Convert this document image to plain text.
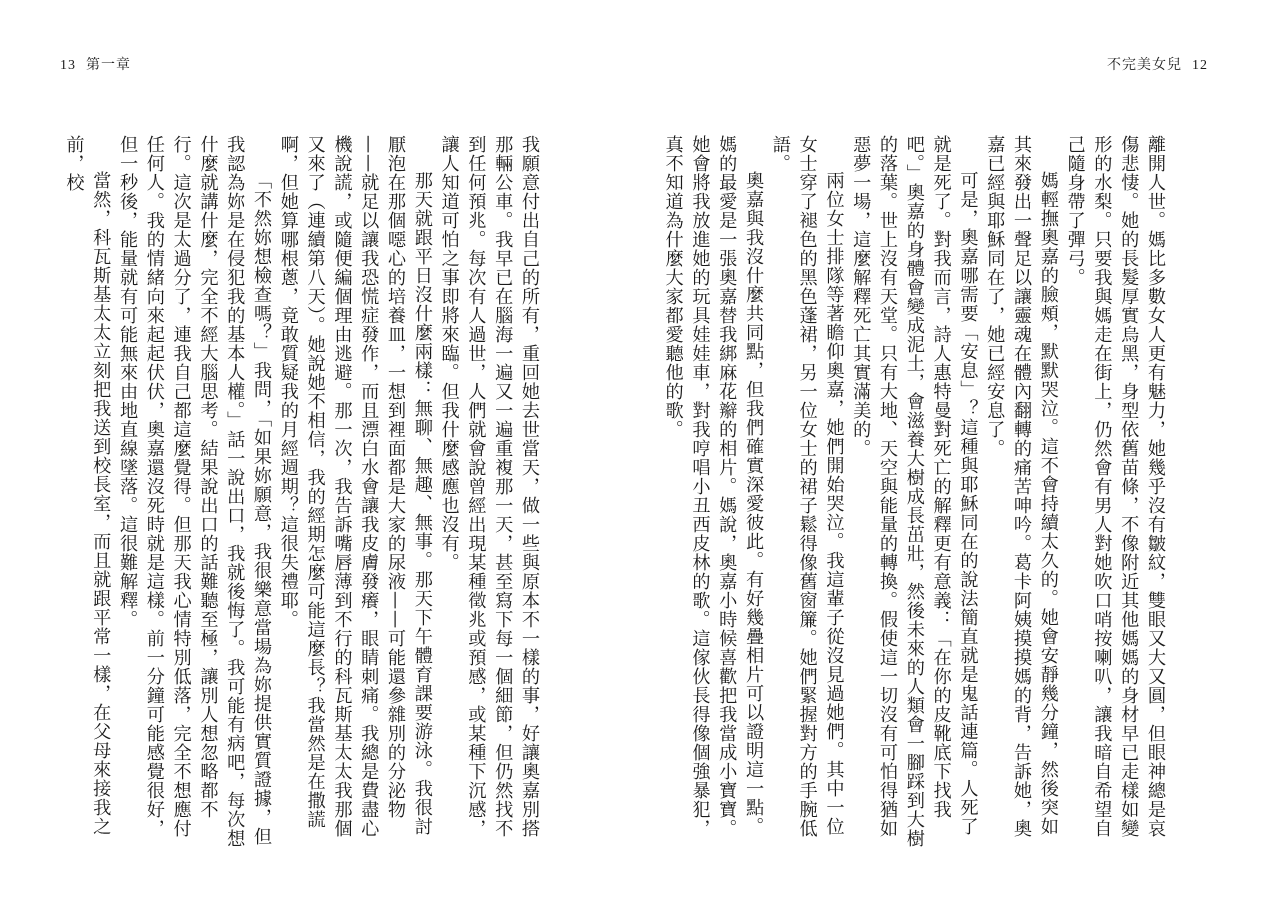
13 第一章

我願意付出自己的所有，重回她去世當天，做一些與原本不一樣的事，好讓奧嘉別搭那輛公車。我早已在腦海一遍又一遍重複那一天，甚至寫下每一個細節，但仍然找不到任何預兆。每次有人過世，人們就會說曾經出現某種徵兆或預感，或某種下沉感，讓人知道可怕之事即將來臨。但我什麼感應也沒有。

那天就跟平日沒什麼兩樣：無聊、無趣、無事。那天下午體育課要游泳。我很討厭泡在那個噁心的培養皿，一想到裡面都是大家的尿液——可能還參雜別的分泌物——就足以讓我恐慌症發作，而且漂白水會讓我皮膚發癢，眼睛刺痛。我總是費盡心機說謊，或隨便編個理由逃避。那一次，我告訴嘴唇薄到不行的科瓦斯基太太我那個又來了（連續第八天）。她說她不相信，我的經期怎麼可能這麼長？我當然是在撒謊啊，但她算哪根蔥，竟敢質疑我的月經週期？這很失禮耶。

「不然妳想檢查嗎？」我問，「如果妳願意，我很樂意當場為妳提供實質證據，但我認為妳是在侵犯我的基本人權。」話一說出口，我就後悔了。我可能有病吧，每次想什麼就講什麼，完全不經大腦思考。結果說出口的話難聽至極，讓別人想忽略都不行。這次是太過分了，連我自己都這麼覺得。但那天我心情特別低落，完全不想應付任何人。我的情緒向來起起伏伏，奧嘉還沒死時就是這樣。前一分鐘可能感覺很好，但一秒後，能量就有可能無來由地直線墜落。這很難解釋。

當然，科瓦斯基太太立刻把我送到校長室，而且就跟平常一樣，在父母來接我之前，校

不完美女兒 12

離開人世。媽比多數女人更有魅力，她幾乎沒有皺紋，雙眼又大又圓，但眼神總是哀傷悲悽。她的長髮厚實烏黑，身型依舊苗條，不像附近其他媽媽的身材早已走樣如變形的水梨。只要我與媽走在街上，仍然會有男人對她吹口哨按喇叭，讓我暗自希望自己隨身帶了彈弓。

媽輕撫奧嘉的臉頰，默默哭泣。這不會持續太久的。她會安靜幾分鐘，然後突如其來發出一聲足以讓靈魂在體內翻轉的痛苦呻吟。葛卡阿姨摸摸媽的背，告訴她，奧嘉已經與耶穌同在了，她已經安息了。

可是，奧嘉哪需要「安息」？這種與耶穌同在的說法簡直就是鬼話連篇。人死了就是死了。對我而言，詩人惠特曼對死亡的解釋更有意義：「在你的皮靴底下找我吧。」奧嘉的身體會變成泥土，會滋養大樹成長茁壯，然後未來的人類會一腳踩到大樹的落葉。世上沒有天堂。只有大地、天空與能量的轉換。假使這一切沒有可怕得猶如惡夢一場，這麼解釋死亡其實滿美的。

兩位女士排隊等著瞻仰奧嘉，她們開始哭泣。我這輩子從沒見過她們。其中一位女士穿了褪色的黑色蓬裙，另一位女士的裙子鬆得像舊窗簾。她們緊握對方的手腕低語。

奧嘉與我沒什麼共同點，但我們確實深愛彼此。有好幾疊相片可以證明這一點。媽的最愛是一張奧嘉替我綁麻花辮的相片。媽說，奧嘉小時候喜歡把我當成小寶寶。她會將我放進她的玩具娃娃車，對我哼唱小丑西皮林的歌。這傢伙長得像個強暴犯，真不知道為什麼大家都愛聽他的歌。
